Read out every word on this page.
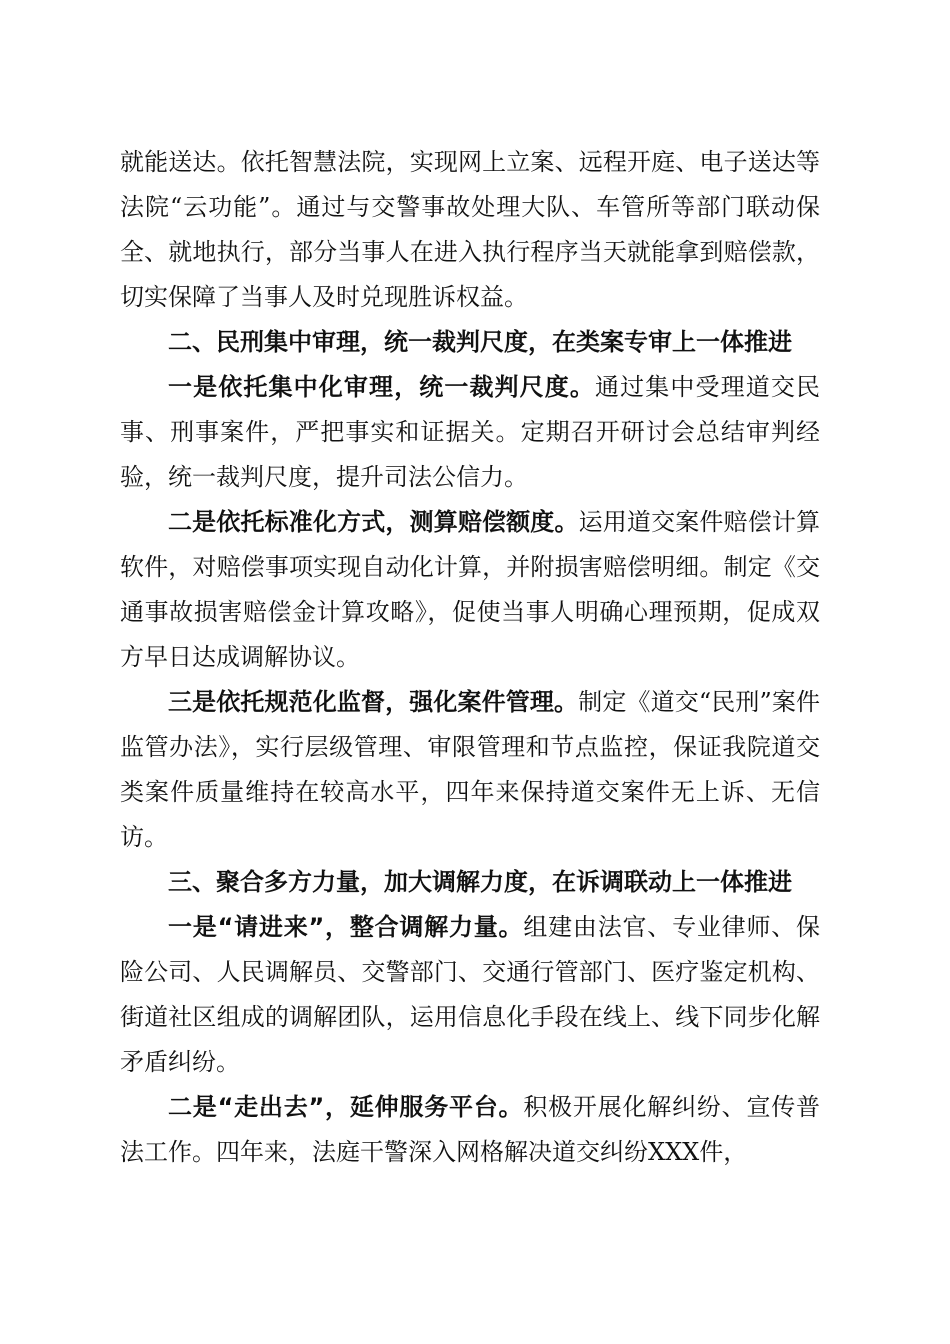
就能送达。依托智慧法院，实现网上立案、远程开庭、电子送达等法院“云功能”。通过与交警事故处理大队、车管所等部门联动保全、就地执行，部分当事人在进入执行程序当天就能拿到赔偿款，切实保障了当事人及时兑现胜诉权益。

二、民刑集中审理，统一裁判尺度，在类案专审上一体推进

一是依托集中化审理，统一裁判尺度。通过集中受理道交民事、刑事案件，严把事实和证据关。定期召开研讨会总结审判经验，统一裁判尺度，提升司法公信力。

二是依托标准化方式，测算赔偿额度。运用道交案件赔偿计算软件，对赔偿事项实现自动化计算，并附损害赔偿明细。制定《交通事故损害赔偿金计算攻略》，促使当事人明确心理预期，促成双方早日达成调解协议。

三是依托规范化监督，强化案件管理。制定《道交“民刑”案件监管办法》，实行层级管理、审限管理和节点监控，保证我院道交类案件质量维持在较高水平，四年来保持道交案件无上诉、无信访。

三、聚合多方力量，加大调解力度，在诉调联动上一体推进

一是“请进来”，整合调解力量。组建由法官、专业律师、保险公司、人民调解员、交警部门、交通行管部门、医疗鉴定机构、街道社区组成的调解团队，运用信息化手段在线上、线下同步化解矛盾纠纷。

二是“走出去”，延伸服务平台。积极开展化解纠纷、宣传普法工作。四年来，法庭干警深入网格解决道交纠纷XXX件，
